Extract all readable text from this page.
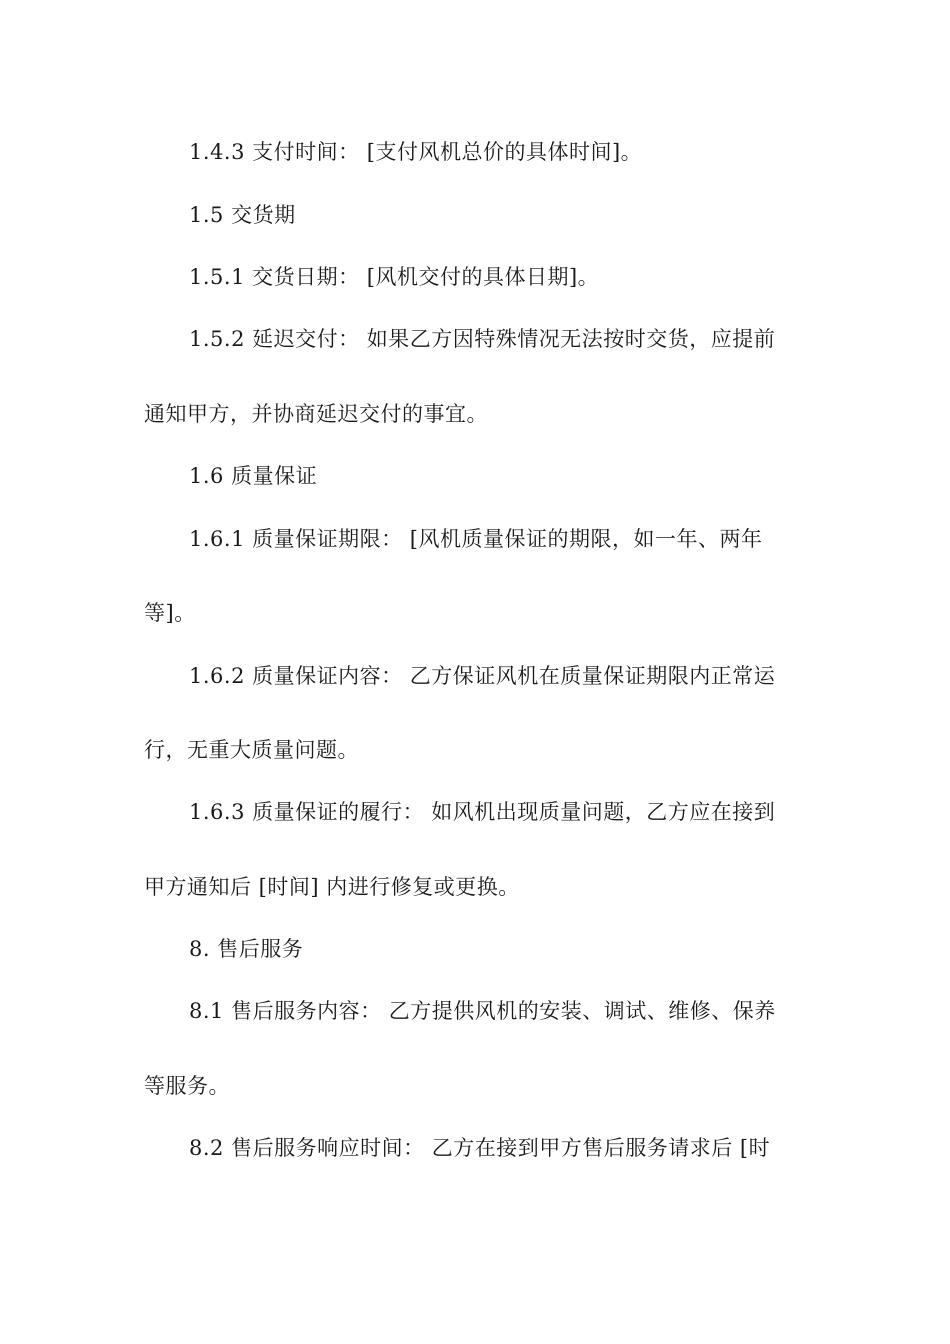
1.4.3 支付时间： [支付风机总价的具体时间]。
1.5 交货期
1.5.1 交货日期： [风机交付的具体日期]。
1.5.2 延迟交付： 如果乙方因特殊情况无法按时交货，应提前
通知甲方，并协商延迟交付的事宜。
1.6 质量保证
1.6.1 质量保证期限： [风机质量保证的期限，如一年、两年
等]。
1.6.2 质量保证内容： 乙方保证风机在质量保证期限内正常运
行，无重大质量问题。
1.6.3 质量保证的履行： 如风机出现质量问题，乙方应在接到
甲方通知后 [时间] 内进行修复或更换。
8. 售后服务
8.1 售后服务内容： 乙方提供风机的安装、调试、维修、保养
等服务。
8.2 售后服务响应时间： 乙方在接到甲方售后服务请求后 [时
